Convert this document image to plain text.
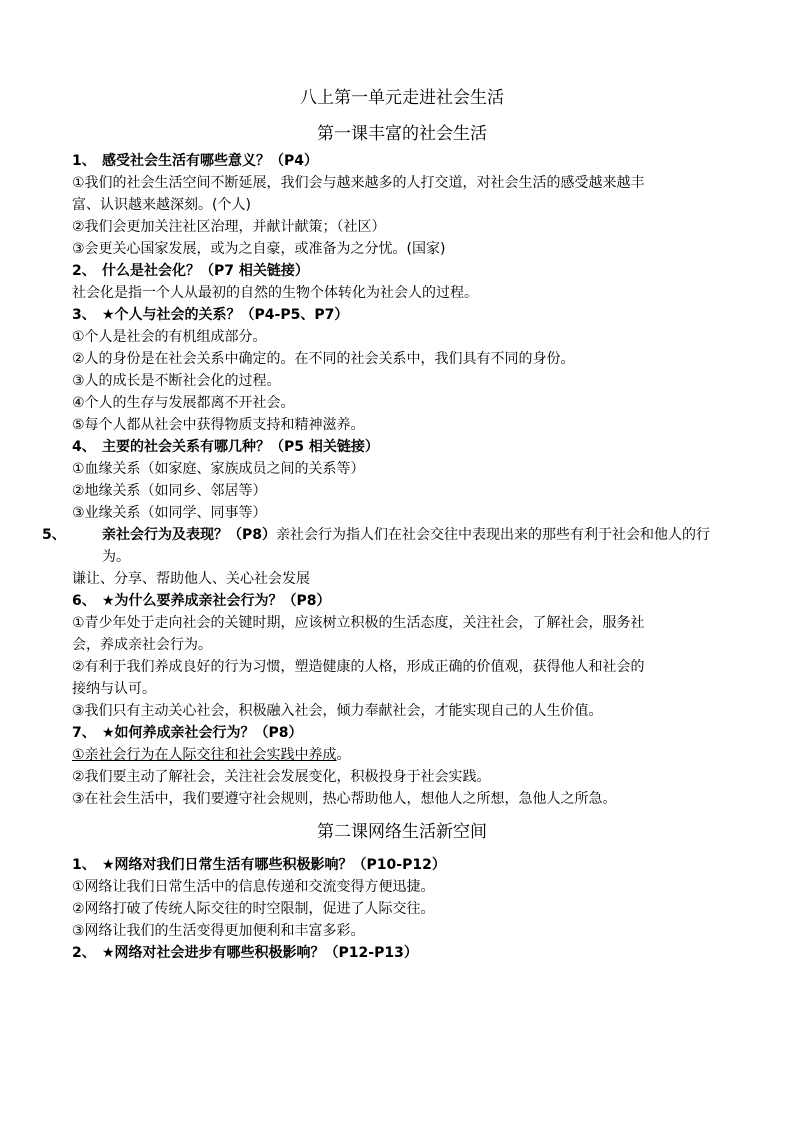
八上第一单元走进社会生活
第一课丰富的社会生活
1、 感受社会生活有哪些意义？（P4）
①我们的社会生活空间不断延展，我们会与越来越多的人打交道，对社会生活的感受越来越丰
富、认识越来越深刻。(个人)
②我们会更加关注社区治理，并献计献策；（社区）
③会更关心国家发展，或为之自豪，或准备为之分忧。(国家)
2、 什么是社会化？（P7 相关链接）
社会化是指一个人从最初的自然的生物个体转化为社会人的过程。
3、 ★个人与社会的关系？（P4-P5、P7）
①个人是社会的有机组成部分。
②人的身份是在社会关系中确定的。在不同的社会关系中，我们具有不同的身份。
③人的成长是不断社会化的过程。
④个人的生存与发展都离不开社会。
⑤每个人都从社会中获得物质支持和精神滋养。
4、 主要的社会关系有哪几种？（P5 相关链接）
①血缘关系（如家庭、家族成员之间的关系等）
②地缘关系（如同乡、邻居等）
③业缘关系（如同学、同事等）
5、	亲社会行为及表现？（P8）亲社会行为指人们在社会交往中表现出来的那些有利于社会和他人的行为。
谦让、分享、帮助他人、关心社会发展
6、 ★为什么要养成亲社会行为？（P8）
①青少年处于走向社会的关键时期，应该树立积极的生活态度，关注社会，了解社会，服务社
会，养成亲社会行为。
②有利于我们养成良好的行为习惯，塑造健康的人格，形成正确的价值观，获得他人和社会的
接纳与认可。
③我们只有主动关心社会，积极融入社会，倾力奉献社会，才能实现自己的人生价值。
7、 ★如何养成亲社会行为？（P8）
①亲社会行为在人际交往和社会实践中养成。
②我们要主动了解社会，关注社会发展变化，积极投身于社会实践。
③在社会生活中，我们要遵守社会规则，热心帮助他人，想他人之所想，急他人之所急。
第二课网络生活新空间
1、 ★网络对我们日常生活有哪些积极影响？（P10-P12）
①网络让我们日常生活中的信息传递和交流变得方便迅捷。
②网络打破了传统人际交往的时空限制，促进了人际交往。
③网络让我们的生活变得更加便利和丰富多彩。
2、 ★网络对社会进步有哪些积极影响？（P12-P13）
